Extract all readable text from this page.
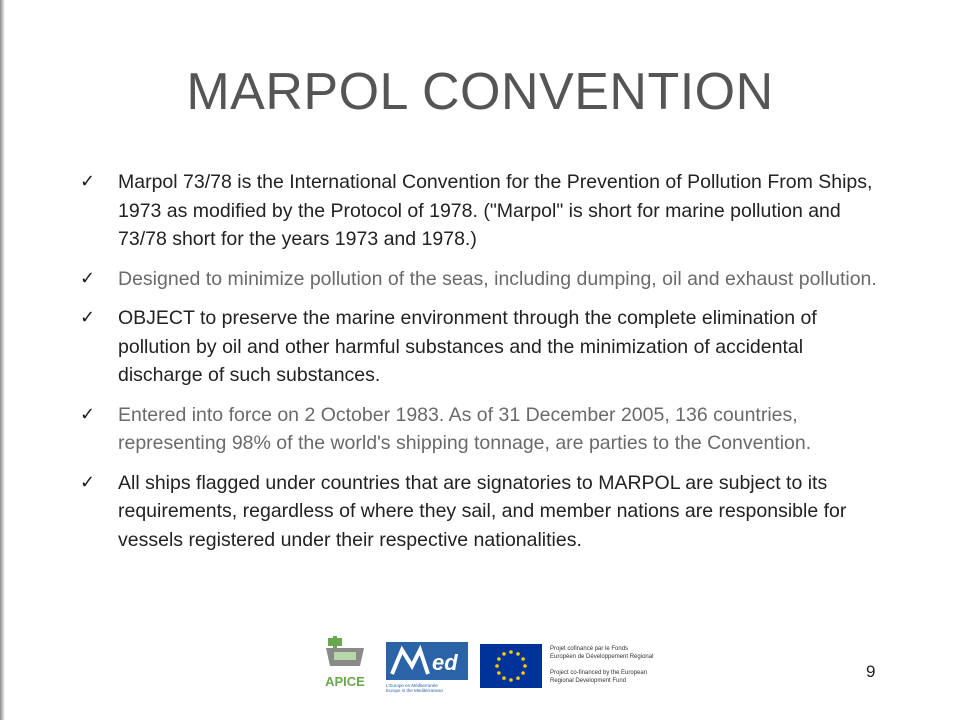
MARPOL CONVENTION
✓ Marpol 73/78 is the International Convention for the Prevention of Pollution From Ships, 1973 as modified by the Protocol of 1978. ("Marpol" is short for marine pollution and 73/78 short for the years 1973 and 1978.)
✓ Designed to minimize pollution of the seas, including dumping, oil and exhaust pollution.
✓ OBJECT to preserve the marine environment through the complete elimination of pollution by oil and other harmful substances and the minimization of accidental discharge of such substances.
✓ Entered into force on 2 October 1983. As of 31 December 2005, 136 countries, representing 98% of the world's shipping tonnage, are parties to the Convention.
✓ All ships flagged under countries that are signatories to MARPOL are subject to its requirements, regardless of where they sail, and member nations are responsible for vessels registered under their respective nationalities.
APICE
ed
L'Europe en Méditerranée
Europe in the Mediterranean
Projet cofinancé par le Fonds
Européen de Développement Régional
Project co-financed by the European
Regional Development Fund	9
